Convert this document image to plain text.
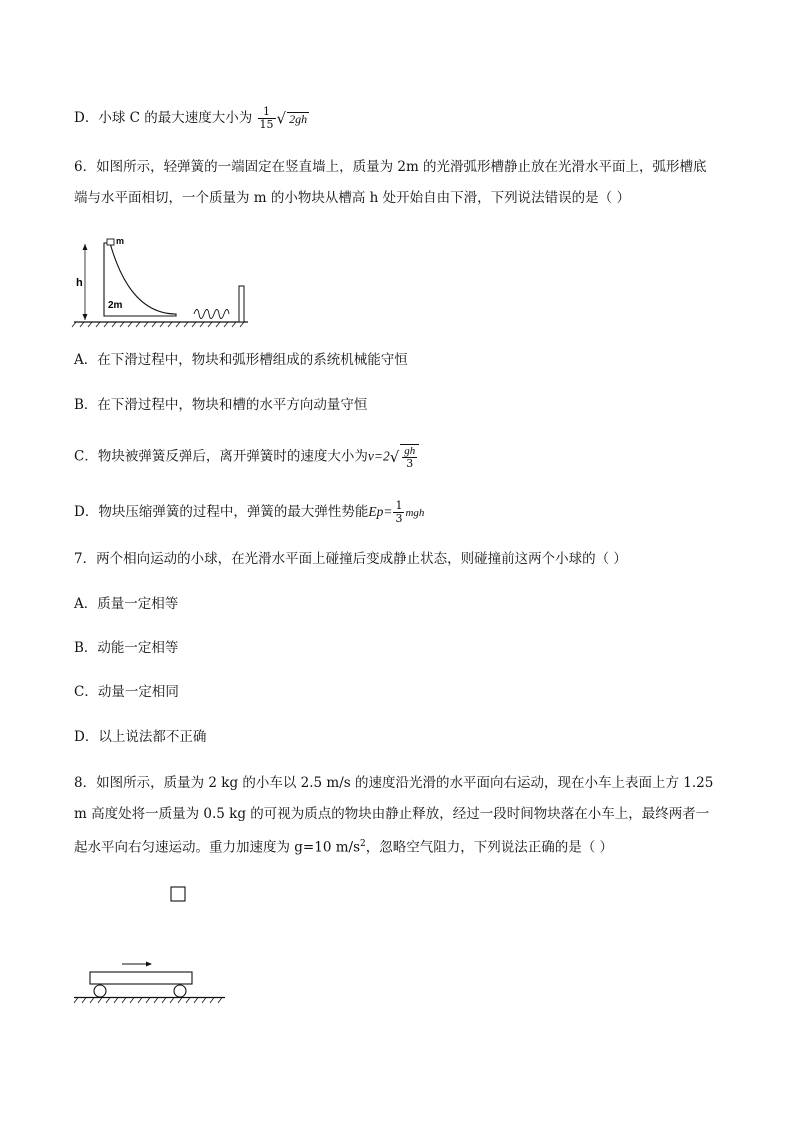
D．小球 C 的最大速度大小为 $\frac{1}{15}$ √ 2gh
6．如图所示，轻弹簧的一端固定在竖直墙上，质量为 2m 的光滑弧形槽静止放在光滑水平面上，弧形槽底
端与水平面相切，一个质量为 m 的小物块从槽高 h 处开始自由下滑，下列说法错误的是（ ）
h
2m
m
A．在下滑过程中，物块和弧形槽组成的系统机械能守恒
B．在下滑过程中，物块和槽的水平方向动量守恒
C．物块被弹簧反弹后，离开弹簧时的速度大小为$v=2√ \frac{gh}{3}$
D．物块压缩弹簧的过程中，弹簧的最大弹性势能$Ep= \frac{1}{3}$ mgh
7．两个相向运动的小球，在光滑水平面上碰撞后变成静止状态，则碰撞前这两个小球的（ ）
A．质量一定相等
B．动能一定相等
C．动量一定相同
D．以上说法都不正确
8．如图所示，质量为 2 kg 的小车以 2.5 m/s 的速度沿光滑的水平面向右运动，现在小车上表面上方 1.25
m 高度处将一质量为 0.5 kg 的可视为质点的物块由静止释放，经过一段时间物块落在小车上，最终两者一
起水平向右匀速运动。重力加速度为 g=10 $m/s^2$，忽略空气阻力，下列说法正确的是（ ）
